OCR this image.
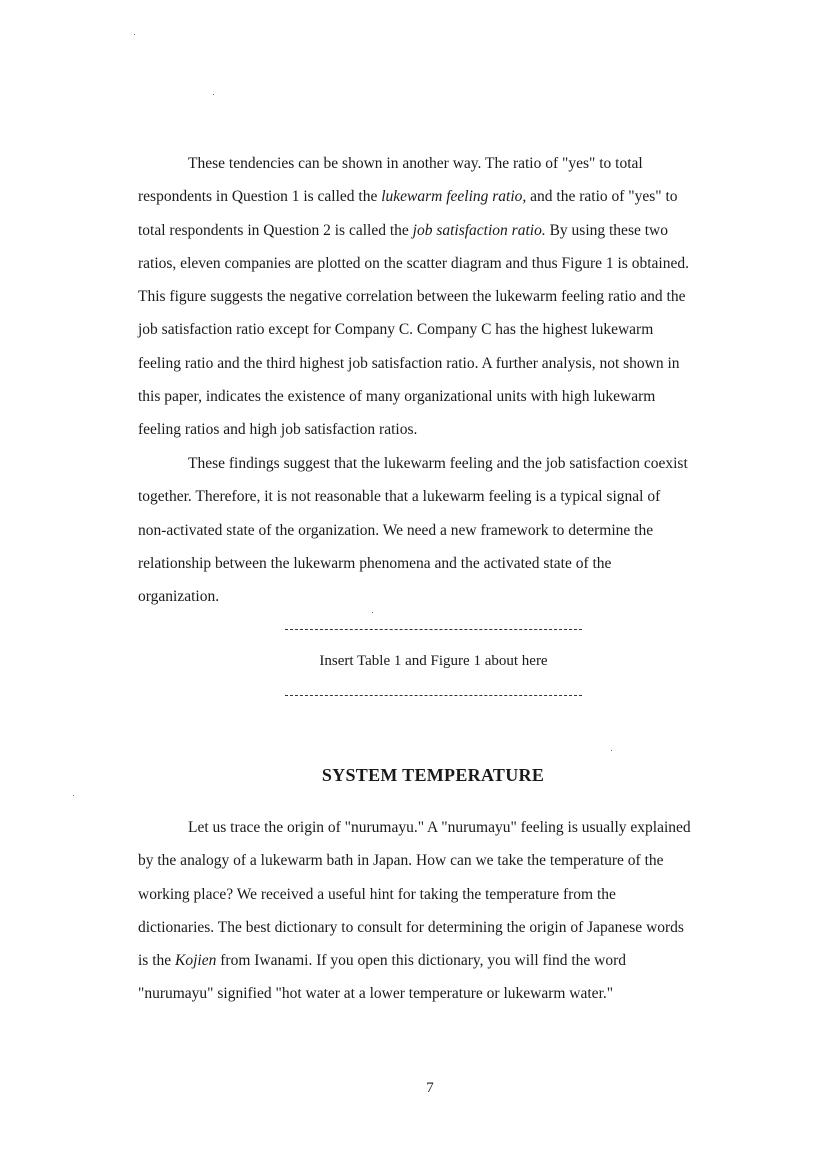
These tendencies can be shown in another way. The ratio of "yes" to total
respondents in Question 1 is called the lukewarm feeling ratio, and the ratio of "yes" to
total respondents in Question 2 is called the job satisfaction ratio. By using these two
ratios, eleven companies are plotted on the scatter diagram and thus Figure 1 is obtained.
This figure suggests the negative correlation between the lukewarm feeling ratio and the
job satisfaction ratio except for Company C. Company C has the highest lukewarm
feeling ratio and the third highest job satisfaction ratio. A further analysis, not shown in
this paper, indicates the existence of many organizational units with high lukewarm
feeling ratios and high job satisfaction ratios.

These findings suggest that the lukewarm feeling and the job satisfaction coexist
together. Therefore, it is not reasonable that a lukewarm feeling is a typical signal of
non-activated state of the organization. We need a new framework to determine the
relationship between the lukewarm phenomena and the activated state of the
organization.

Insert Table 1 and Figure 1 about here
SYSTEM TEMPERATURE

Let us trace the origin of "nurumayu." A "nurumayu" feeling is usually explained
by the analogy of a lukewarm bath in Japan. How can we take the temperature of the
working place? We received a useful hint for taking the temperature from the
dictionaries. The best dictionary to consult for determining the origin of Japanese words
is the Kojien from Iwanami. If you open this dictionary, you will find the word
"nurumayu" signified "hot water at a lower temperature or lukewarm water."

7
